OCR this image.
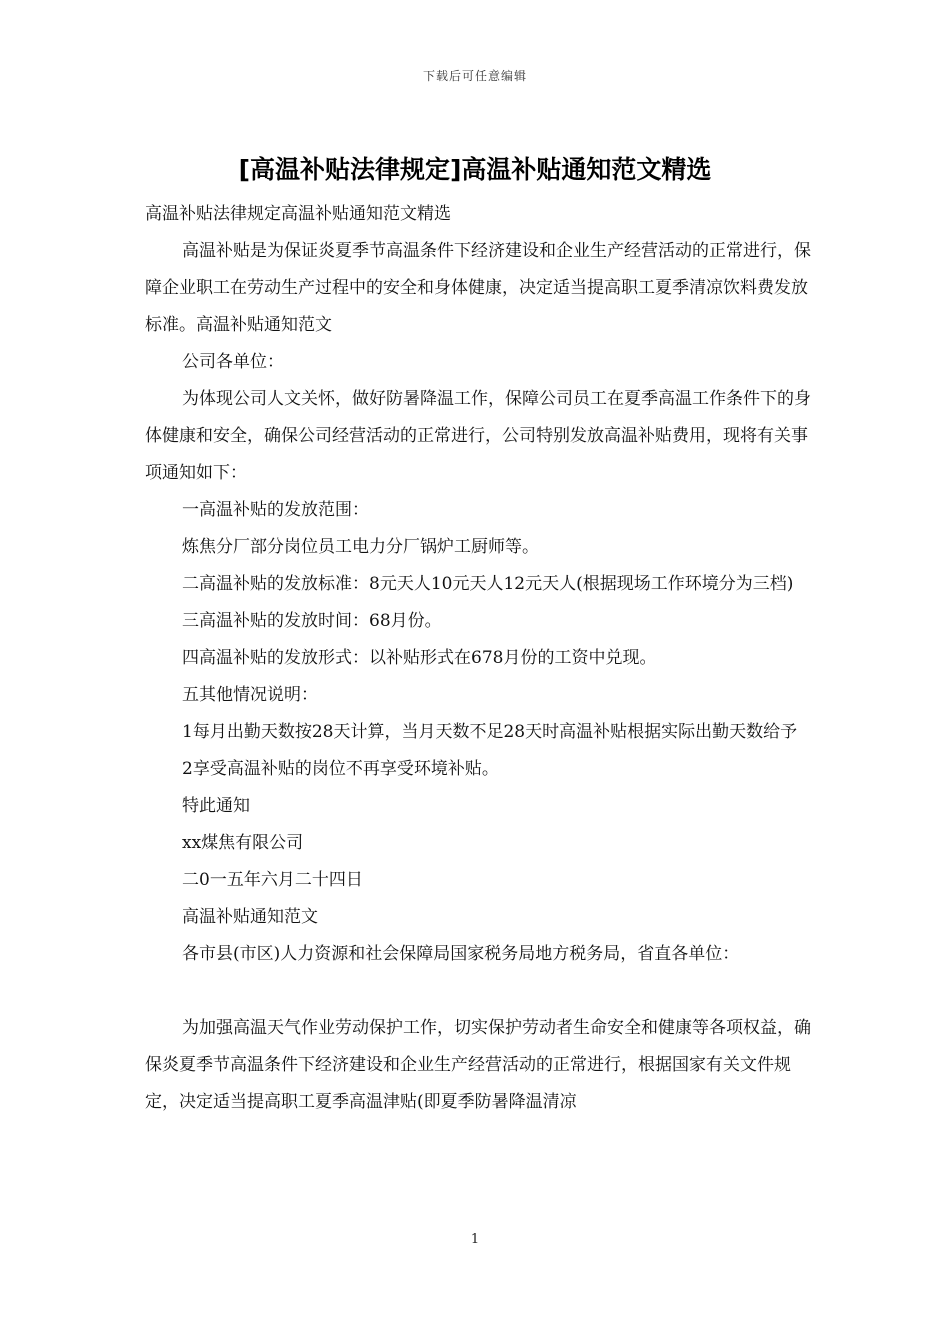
下载后可任意编辑
[高温补贴法律规定]高温补贴通知范文精选

高温补贴法律规定高温补贴通知范文精选

高温补贴是为保证炎夏季节高温条件下经济建设和企业生产经营活动的正常进行，保障企业职工在劳动生产过程中的安全和身体健康，决定适当提高职工夏季清凉饮料费发放标准。高温补贴通知范文

公司各单位：

为体现公司人文关怀，做好防暑降温工作，保障公司员工在夏季高温工作条件下的身体健康和安全，确保公司经营活动的正常进行，公司特别发放高温补贴费用，现将有关事项通知如下：

一高温补贴的发放范围：

炼焦分厂部分岗位员工电力分厂锅炉工厨师等。

二高温补贴的发放标准：8元天人10元天人12元天人(根据现场工作环境分为三档)

三高温补贴的发放时间：68月份。

四高温补贴的发放形式：以补贴形式在678月份的工资中兑现。

五其他情况说明：

1每月出勤天数按28天计算，当月天数不足28天时高温补贴根据实际出勤天数给予

2享受高温补贴的岗位不再享受环境补贴。

特此通知

xx煤焦有限公司

二0一五年六月二十四日

高温补贴通知范文

各市县(市区)人力资源和社会保障局国家税务局地方税务局，省直各单位：

为加强高温天气作业劳动保护工作，切实保护劳动者生命安全和健康等各项权益，确保炎夏季节高温条件下经济建设和企业生产经营活动的正常进行，根据国家有关文件规定，决定适当提高职工夏季高温津贴(即夏季防暑降温清凉

1
